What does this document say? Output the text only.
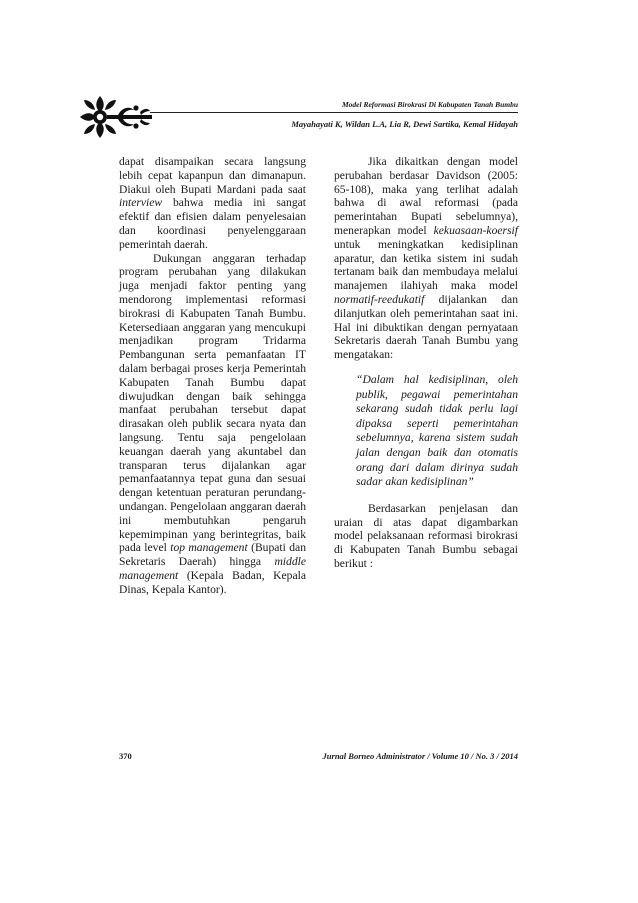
Model Reformasi Birokrasi Di Kabupaten Tanah Bumbu
Mayahayati K, Wildan L.A, Lia R, Dewi Sartika, Kemal Hidayah

dapat disampaikan secara langsung lebih cepat kapanpun dan dimanapun. Diakui oleh Bupati Mardani pada saat interview bahwa media ini sangat efektif dan efisien dalam penyelesaian dan koordinasi penyelenggaraan pemerintah daerah.

Dukungan anggaran terhadap program perubahan yang dilakukan juga menjadi faktor penting yang mendorong implementasi reformasi birokrasi di Kabupaten Tanah Bumbu. Ketersediaan anggaran yang mencukupi menjadikan program Tridarma Pembangunan serta pemanfaatan IT dalam berbagai proses kerja Pemerintah Kabupaten Tanah Bumbu dapat diwujudkan dengan baik sehingga manfaat perubahan tersebut dapat dirasakan oleh publik secara nyata dan langsung. Tentu saja pengelolaan keuangan daerah yang akuntabel dan transparan terus dijalankan agar pemanfaatannya tepat guna dan sesuai dengan ketentuan peraturan perundang-undangan. Pengelolaan anggaran daerah ini membutuhkan pengaruh kepemimpinan yang berintegritas, baik pada level top management (Bupati dan Sekretaris Daerah) hingga middle management (Kepala Badan, Kepala Dinas, Kepala Kantor).

Jika dikaitkan dengan model perubahan berdasar Davidson (2005: 65-108), maka yang terlihat adalah bahwa di awal reformasi (pada pemerintahan Bupati sebelumnya), menerapkan model kekuasaan-koersif untuk meningkatkan kedisiplinan aparatur, dan ketika sistem ini sudah tertanam baik dan membudaya melalui manajemen ilahiyah maka model normatif-reedukatif dijalankan dan dilanjutkan oleh pemerintahan saat ini. Hal ini dibuktikan dengan pernyataan Sekretaris daerah Tanah Bumbu yang mengatakan:

“Dalam hal kedisiplinan, oleh publik, pegawai pemerintahan sekarang sudah tidak perlu lagi dipaksa seperti pemerintahan sebelumnya, karena sistem sudah jalan dengan baik dan otomatis orang dari dalam dirinya sudah sadar akan kedisiplinan”

Berdasarkan penjelasan dan uraian di atas dapat digambarkan model pelaksanaan reformasi birokrasi di Kabupaten Tanah Bumbu sebagai berikut :

370	Jurnal Borneo Administrator / Volume 10 / No. 3 / 2014
